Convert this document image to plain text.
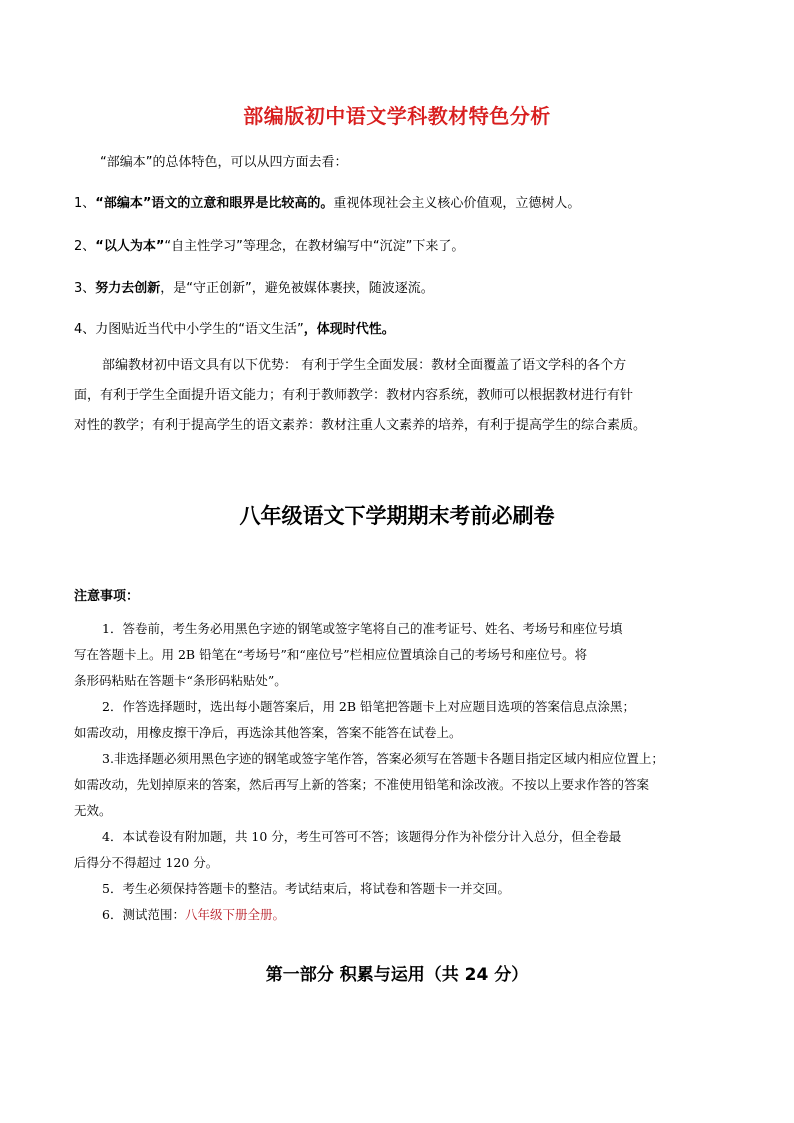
部编版初中语文学科教材特色分析
“部编本”的总体特色，可以从四方面去看：
1、“部编本”语文的立意和眼界是比较高的。重视体现社会主义核心价值观，立德树人。
2、“以人为本”“自主性学习”等理念，在教材编写中“沉淀”下来了。
3、努力去创新，是“守正创新”，避免被媒体裹挟，随波逐流。
4、力图贴近当代中小学生的“语文生活”，体现时代性。
部编教材初中语文具有以下优势： 有利于学生全面发展：教材全面覆盖了语文学科的各个方
面，有利于学生全面提升语文能力；有利于教师教学：教材内容系统，教师可以根据教材进行有针
对性的教学；有利于提高学生的语文素养：教材注重人文素养的培养，有利于提高学生的综合素质。
八年级语文下学期期末考前必刷卷
注意事项：
1．答卷前，考生务必用黑色字迹的钢笔或签字笔将自己的准考证号、姓名、考场号和座位号填
写在答题卡上。用 2B 铅笔在“考场号”和“座位号”栏相应位置填涂自己的考场号和座位号。将
条形码粘贴在答题卡“条形码粘贴处”。
2．作答选择题时，选出每小题答案后，用 2B 铅笔把答题卡上对应题目选项的答案信息点涂黑；
如需改动，用橡皮擦干净后，再选涂其他答案，答案不能答在试卷上。
3.非选择题必须用黑色字迹的钢笔或签字笔作答，答案必须写在答题卡各题目指定区域内相应位置上；
如需改动，先划掉原来的答案，然后再写上新的答案；不准使用铅笔和涂改液。不按以上要求作答的答案
无效。
4．本试卷设有附加题，共 10 分，考生可答可不答；该题得分作为补偿分计入总分，但全卷最
后得分不得超过 120 分。
5．考生必须保持答题卡的整洁。考试结束后，将试卷和答题卡一并交回。
6．测试范围：八年级下册全册。
第一部分 积累与运用（共 24 分）
